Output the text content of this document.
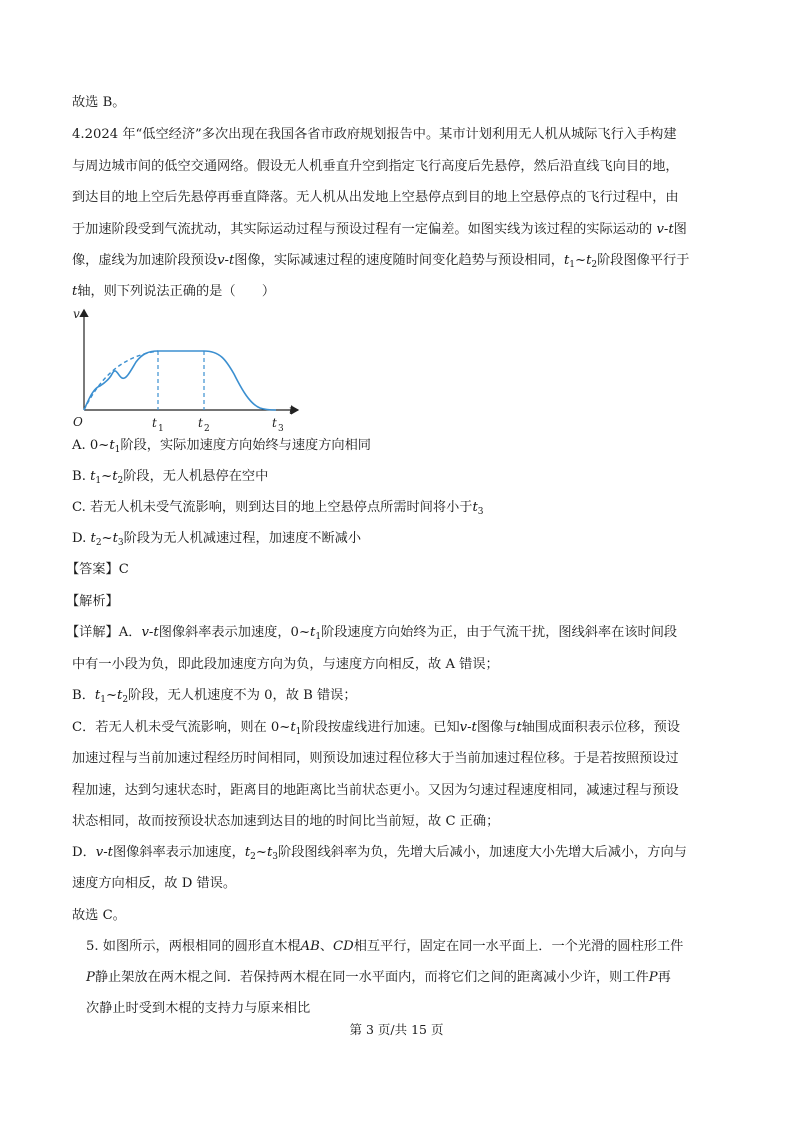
故选 B。
4.2024 年“低空经济”多次出现在我国各省市政府规划报告中。某市计划利用无人机从城际飞行入手构建
与周边城市间的低空交通网络。假设无人机垂直升空到指定飞行高度后先悬停，然后沿直线飞向目的地，
到达目的地上空后先悬停再垂直降落。无人机从出发地上空悬停点到目的地上空悬停点的飞行过程中，由
于加速阶段受到气流扰动，其实际运动过程与预设过程有一定偏差。如图实线为该过程的实际运动的 v-t图
像，虚线为加速阶段预设v-t图像，实际减速过程的速度随时间变化趋势与预设相同，$t_1\sim t_2$阶段图像平行于
t轴，则下列说法正确的是（　　）
v
O
t
t 1	t 2	t 3
A. $0\sim t_1$阶段，实际加速度方向始终与速度方向相同
B. $t_1\sim t_2$阶段，无人机悬停在空中
C. 若无人机未受气流影响，则到达目的地上空悬停点所需时间将小于$t_3$
D. $t_2\sim t_3$阶段为无人机减速过程，加速度不断减小
【答案】C
【解析】
【详解】A．v-t图像斜率表示加速度，$0\sim t_1$阶段速度方向始终为正，由于气流干扰，图线斜率在该时间段
中有一小段为负，即此段加速度方向为负，与速度方向相反，故 A 错误；
B．$t_1\sim t_2$阶段，无人机速度不为 0，故 B 错误；
C．若无人机未受气流影响，则在 $0\sim t_1$阶段按虚线进行加速。已知v-t图像与t轴围成面积表示位移，预设
加速过程与当前加速过程经历时间相同，则预设加速过程位移大于当前加速过程位移。于是若按照预设过
程加速，达到匀速状态时，距离目的地距离比当前状态更小。又因为匀速过程速度相同，减速过程与预设
状态相同，故而按预设状态加速到达目的地的时间比当前短，故 C 正确；
D．v-t图像斜率表示加速度，$t_2\sim t_3$阶段图线斜率为负，先增大后减小，加速度大小先增大后减小，方向与
速度方向相反，故 D 错误。
故选 C。
5. 如图所示，两根相同的圆形直木棍AB、CD相互平行，固定在同一水平面上．一个光滑的圆柱形工件
P静止架放在两木棍之间．若保持两木棍在同一水平面内，而将它们之间的距离减小少许，则工件P再
次静止时受到木棍的支持力与原来相比
第 3 页/共 15 页
